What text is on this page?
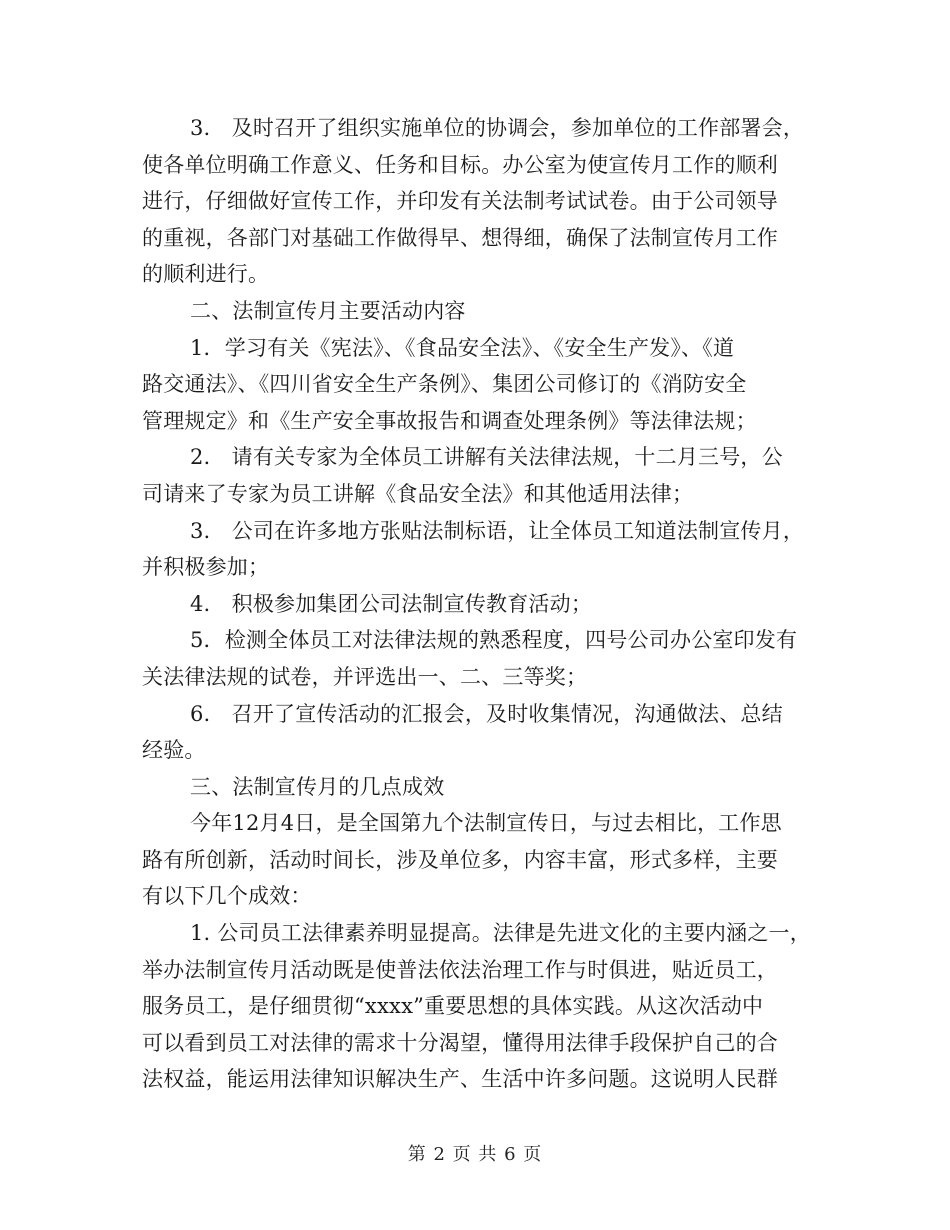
3.　及时召开了组织实施单位的协调会，参加单位的工作部署会，
使各单位明确工作意义、任务和目标。办公室为使宣传月工作的顺利
进行，仔细做好宣传工作，并印发有关法制考试试卷。由于公司领导
的重视，各部门对基础工作做得早、想得细，确保了法制宣传月工作
的顺利进行。
二、法制宣传月主要活动内容
1．学习有关《宪法》、《食品安全法》、《安全生产发》、《道
路交通法》、《四川省安全生产条例》、集团公司修订的《消防安全
管理规定》和《生产安全事故报告和调查处理条例》等法律法规；
2.　请有关专家为全体员工讲解有关法律法规，十二月三号，公
司请来了专家为员工讲解《食品安全法》和其他适用法律；
3.　公司在许多地方张贴法制标语，让全体员工知道法制宣传月，
并积极参加；
4.　积极参加集团公司法制宣传教育活动；
5．检测全体员工对法律法规的熟悉程度，四号公司办公室印发有
关法律法规的试卷，并评选出一、二、三等奖；
6.　召开了宣传活动的汇报会，及时收集情况，沟通做法、总结
经验。
三、法制宣传月的几点成效
今年12月4日，是全国第九个法制宣传日，与过去相比，工作思
路有所创新，活动时间长，涉及单位多，内容丰富，形式多样，主要
有以下几个成效：
1. 公司员工法律素养明显提高。法律是先进文化的主要内涵之一，
举办法制宣传月活动既是使普法依法治理工作与时俱进，贴近员工，
服务员工，是仔细贯彻“xxxx”重要思想的具体实践。从这次活动中
可以看到员工对法律的需求十分渴望，懂得用法律手段保护自己的合
法权益，能运用法律知识解决生产、生活中许多问题。这说明人民群
第 2 页 共 6 页
